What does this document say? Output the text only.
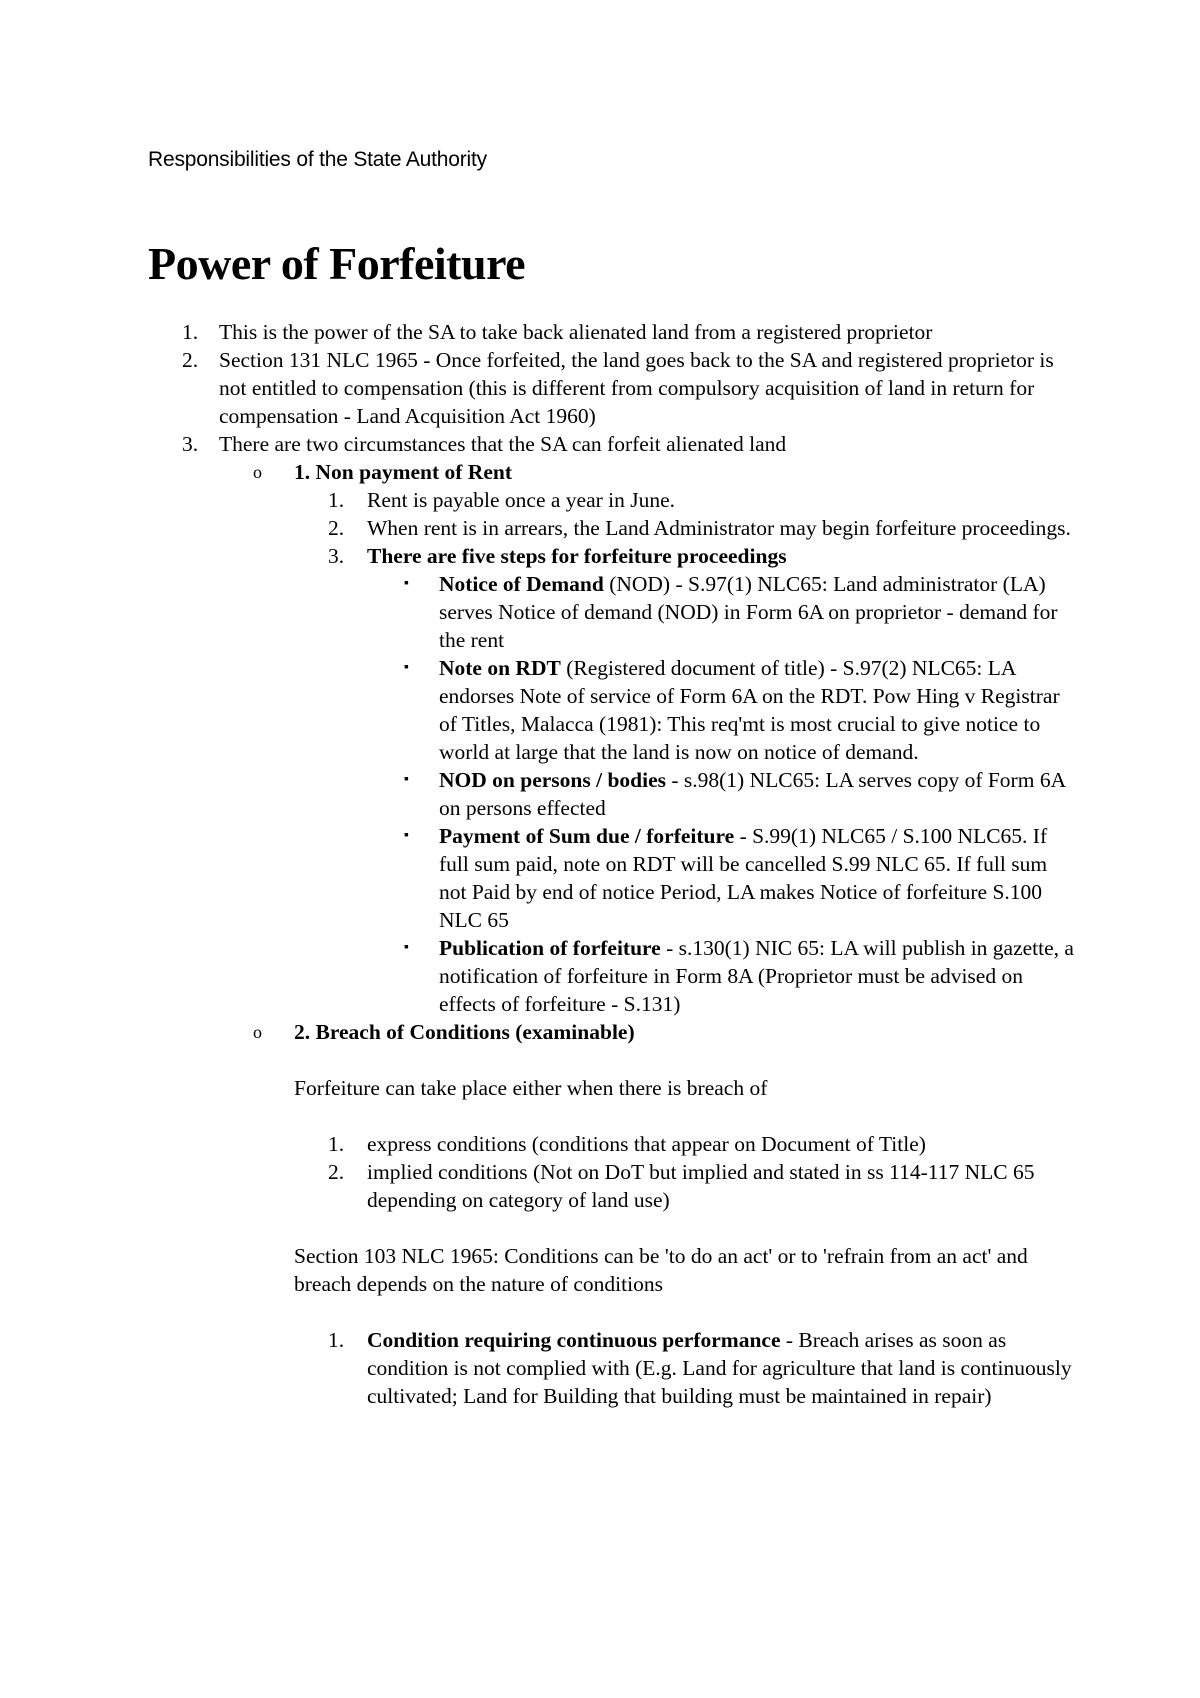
Responsibilities of the State Authority

Power of Forfeiture
1. This is the power of the SA to take back alienated land from a registered proprietor
2. Section 131 NLC 1965 - Once forfeited, the land goes back to the SA and registered proprietor is not entitled to compensation (this is different from compulsory acquisition of land in return for compensation - Land Acquisition Act 1960)
3. There are two circumstances that the SA can forfeit alienated land
o 1. Non payment of Rent
1. Rent is payable once a year in June.
2. When rent is in arrears, the Land Administrator may begin forfeiture proceedings.
3. There are five steps for forfeiture proceedings
▪ Notice of Demand (NOD) - S.97(1) NLC65: Land administrator (LA) serves Notice of demand (NOD) in Form 6A on proprietor - demand for the rent
▪ Note on RDT (Registered document of title) - S.97(2) NLC65: LA endorses Note of service of Form 6A on the RDT. Pow Hing v Registrar of Titles, Malacca (1981): This req'mt is most crucial to give notice to world at large that the land is now on notice of demand.
▪ NOD on persons / bodies - s.98(1) NLC65: LA serves copy of Form 6A on persons effected
▪ Payment of Sum due / forfeiture - S.99(1) NLC65 / S.100 NLC65. If full sum paid, note on RDT will be cancelled S.99 NLC 65. If full sum not Paid by end of notice Period, LA makes Notice of forfeiture S.100 NLC 65
▪ Publication of forfeiture - s.130(1) NIC 65: LA will publish in gazette, a notification of forfeiture in Form 8A (Proprietor must be advised on effects of forfeiture - S.131)
o 2. Breach of Conditions (examinable)
Forfeiture can take place either when there is breach of
1. express conditions (conditions that appear on Document of Title)
2. implied conditions (Not on DoT but implied and stated in ss 114-117 NLC 65 depending on category of land use)
Section 103 NLC 1965: Conditions can be 'to do an act' or to 'refrain from an act' and breach depends on the nature of conditions
1. Condition requiring continuous performance - Breach arises as soon as condition is not complied with (E.g. Land for agriculture that land is continuously cultivated; Land for Building that building must be maintained in repair)
